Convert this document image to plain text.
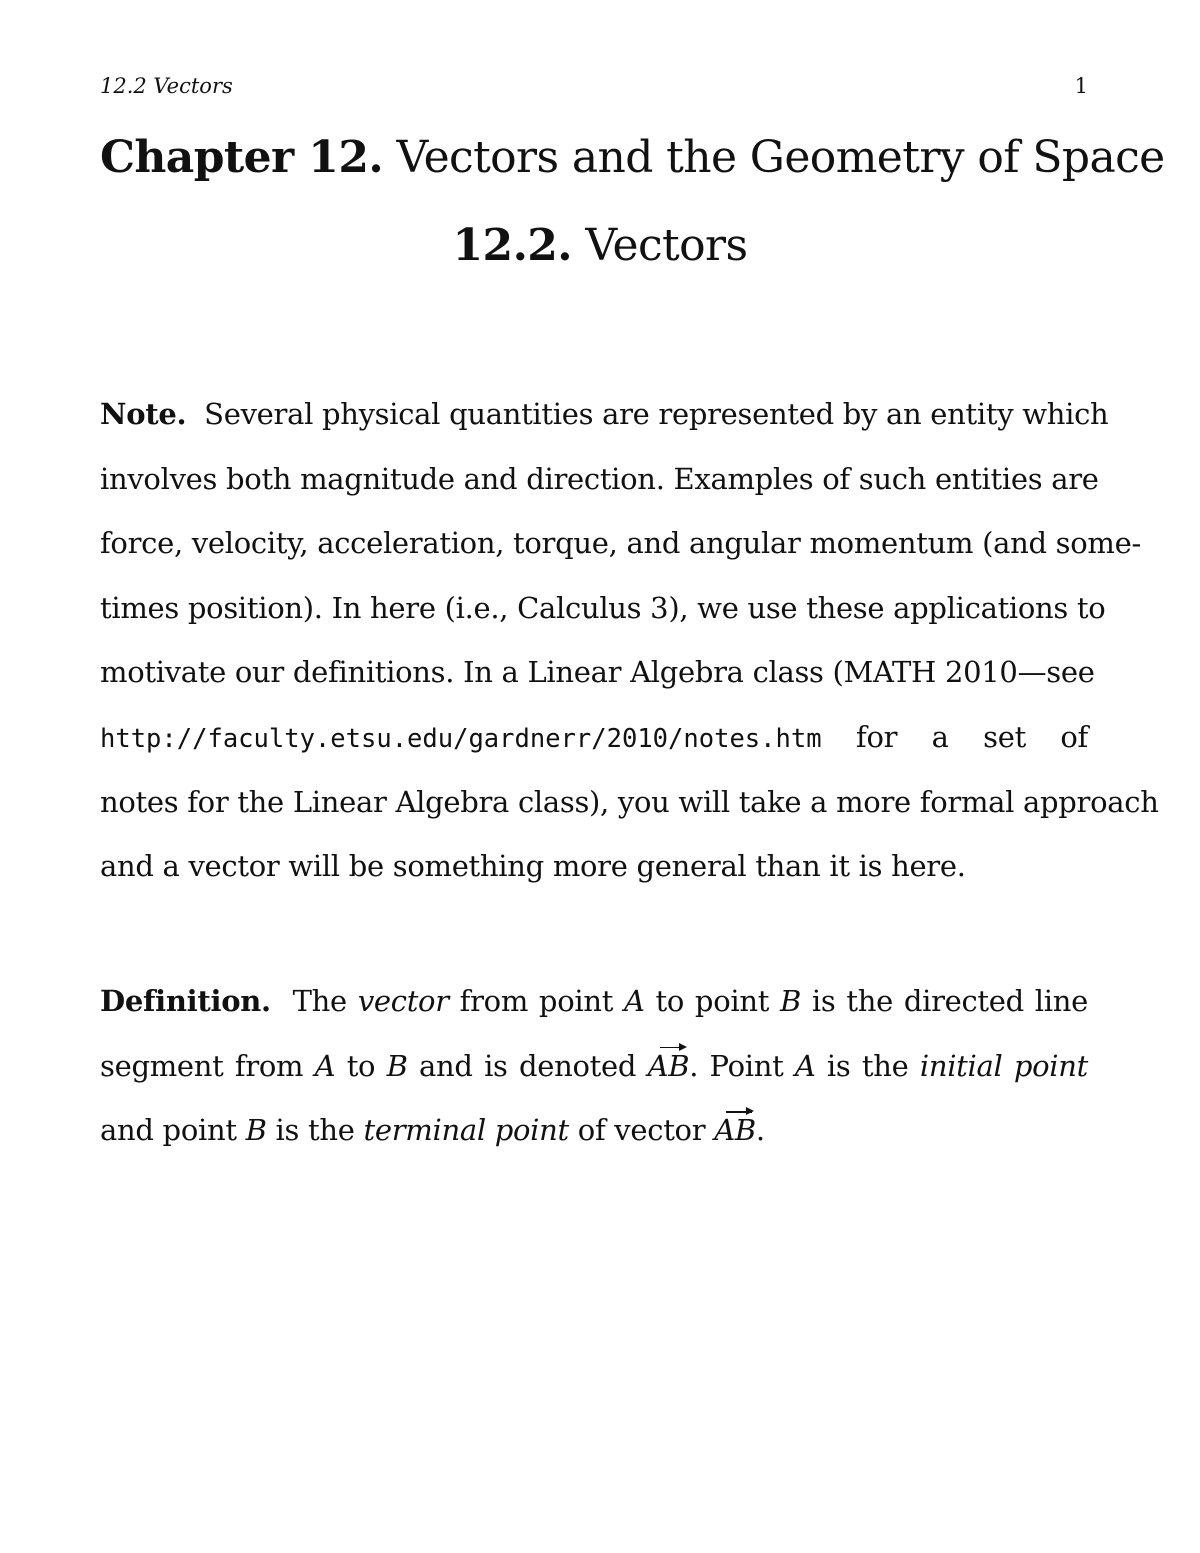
12.2 Vectors	1
Chapter 12. Vectors and the Geometry of Space
12.2. Vectors
Note. Several physical quantities are represented by an entity which
involves both magnitude and direction. Examples of such entities are
force, velocity, acceleration, torque, and angular momentum (and some-
times position). In here (i.e., Calculus 3), we use these applications to
motivate our definitions. In a Linear Algebra class (MATH 2010—see
http://faculty.etsu.edu/gardnerr/2010/notes.htm for a set of
notes for the Linear Algebra class), you will take a more formal approach
and a vector will be something more general than it is here.
Definition. The vector from point A to point B is the directed line
segment from A to B and is denoted AB. Point A is the initial point
and point B is the terminal point of vector AB.
